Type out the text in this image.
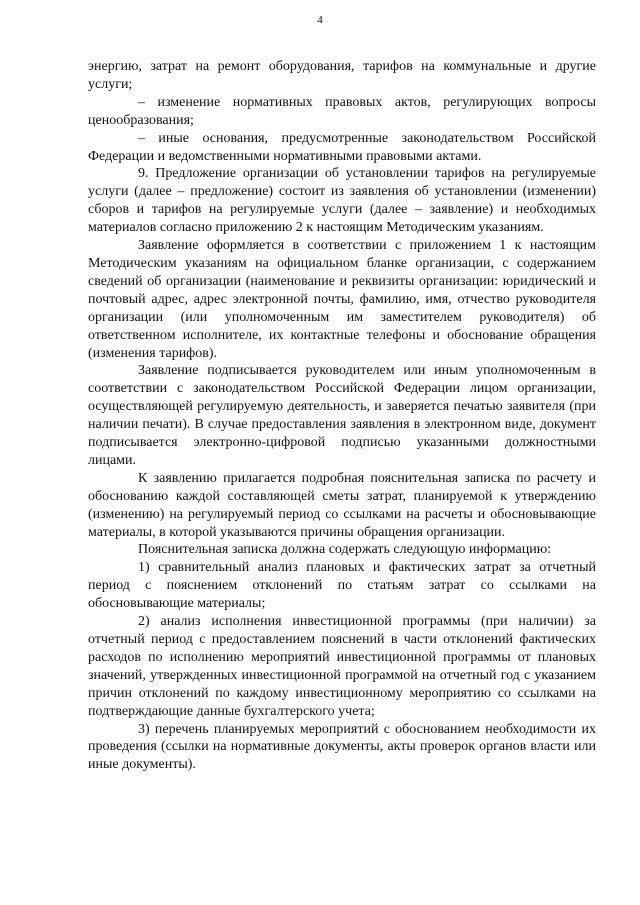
4

энергию, затрат на ремонт оборудования, тарифов на коммунальные и другие услуги;

‒ изменение нормативных правовых актов, регулирующих вопросы ценообразования;

‒ иные основания, предусмотренные законодательством Российской Федерации и ведомственными нормативными правовыми актами.

9. Предложение организации об установлении тарифов на регулируемые услуги (далее ‒ предложение) состоит из заявления об установлении (изменении) сборов и тарифов на регулируемые услуги (далее ‒ заявление) и необходимых материалов согласно приложению 2 к настоящим Методическим указаниям.

Заявление оформляется в соответствии с приложением 1 к настоящим Методическим указаниям на официальном бланке организации, с содержанием сведений об организации (наименование и реквизиты организации: юридический и почтовый адрес, адрес электронной почты, фамилию, имя, отчество руководителя организации (или уполномоченным им заместителем руководителя) об ответственном исполнителе, их контактные телефоны и обоснование обращения (изменения тарифов).

Заявление подписывается руководителем или иным уполномоченным в соответствии с законодательством Российской Федерации лицом организации, осуществляющей регулируемую деятельность, и заверяется печатью заявителя (при наличии печати). В случае предоставления заявления в электронном виде, документ подписывается электронно-цифровой подписью указанными должностными лицами.

К заявлению прилагается подробная пояснительная записка по расчету и обоснованию каждой составляющей сметы затрат, планируемой к утверждению (изменению) на регулируемый период со ссылками на расчеты и обосновывающие материалы, в которой указываются причины обращения организации.

Пояснительная записка должна содержать следующую информацию:

1) сравнительный анализ плановых и фактических затрат за отчетный период с пояснением отклонений по статьям затрат со ссылками на обосновывающие материалы;

2) анализ исполнения инвестиционной программы (при наличии) за отчетный период с предоставлением пояснений в части отклонений фактических расходов по исполнению мероприятий инвестиционной программы от плановых значений, утвержденных инвестиционной программой на отчетный год с указанием причин отклонений по каждому инвестиционному мероприятию со ссылками на подтверждающие данные бухгалтерского учета;

3) перечень планируемых мероприятий с обоснованием необходимости их проведения (ссылки на нормативные документы, акты проверок органов власти или иные документы).
